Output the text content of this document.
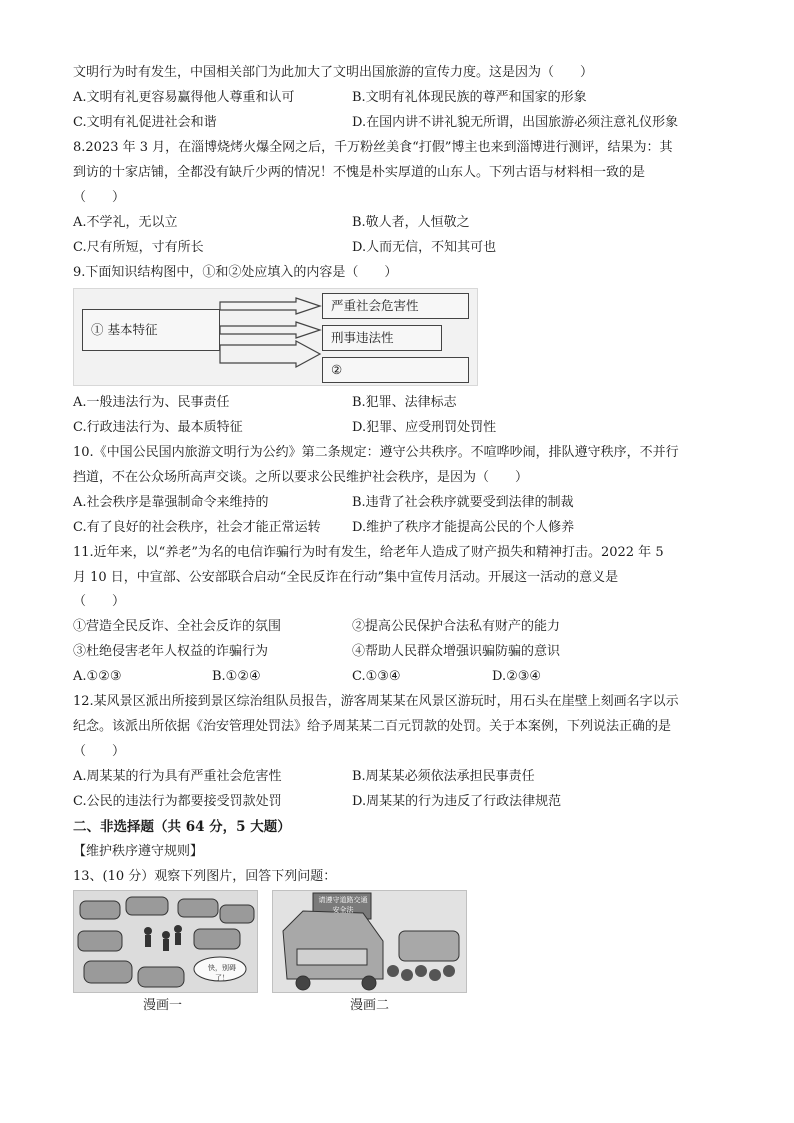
文明行为时有发生，中国相关部门为此加大了文明出国旅游的宣传力度。这是因为（　　）
A.文明有礼更容易赢得他人尊重和认可	B.文明有礼体现民族的尊严和国家的形象
C.文明有礼促进社会和谐	D.在国内讲不讲礼貌无所谓，出国旅游必须注意礼仪形象
8.2023 年 3 月，在淄博烧烤火爆全网之后，千万粉丝美食“打假”博主也来到淄博进行测评，结果为：其
到访的十家店铺，全都没有缺斤少两的情况！不愧是朴实厚道的山东人。下列古语与材料相一致的是
（　　）
A.不学礼，无以立	B.敬人者，人恒敬之
C.尺有所短，寸有所长	D.人而无信，不知其可也
9.下面知识结构图中，①和②处应填入的内容是（　　）
① 基本特征
严重社会危害性
刑事违法性
②
A.一般违法行为、民事责任	B.犯罪、法律标志
C.行政违法行为、最本质特征	D.犯罪、应受刑罚处罚性
10.《中国公民国内旅游文明行为公约》第二条规定：遵守公共秩序。不喧哗吵闹，排队遵守秩序，不并行
挡道，不在公众场所高声交谈。之所以要求公民维护社会秩序，是因为（　　）
A.社会秩序是靠强制命令来维持的	B.违背了社会秩序就要受到法律的制裁
C.有了良好的社会秩序，社会才能正常运转 D.维护了秩序才能提高公民的个人修养
11.近年来，以“养老”为名的电信诈骗行为时有发生，给老年人造成了财产损失和精神打击。2022 年 5
月 10 日，中宣部、公安部联合启动“全民反诈在行动”集中宣传月活动。开展这一活动的意义是
（　　）
①营造全民反诈、全社会反诈的氛围	②提高公民保护合法私有财产的能力
③杜绝侵害老年人权益的诈骗行为	④帮助人民群众增强识骗防骗的意识
A.①②③	B.①②④	C.①③④	D.②③④
12.某风景区派出所接到景区综治组队员报告，游客周某某在风景区游玩时，用石头在崖壁上刻画名字以示
纪念。该派出所依据《治安管理处罚法》给予周某某二百元罚款的处罚。关于本案例，下列说法正确的是
（　　）
A.周某某的行为具有严重社会危害性	B.周某某必须依法承担民事责任
C.公民的违法行为都要接受罚款处罚	D.周某某的行为违反了行政法律规范
二、非选择题（共 64 分，5 大题）
【维护秩序遵守规则】
13、(10 分）观察下列图片，回答下列问题：
快，别碍了！
请遵守道路交通安全法
漫画一	漫画二
